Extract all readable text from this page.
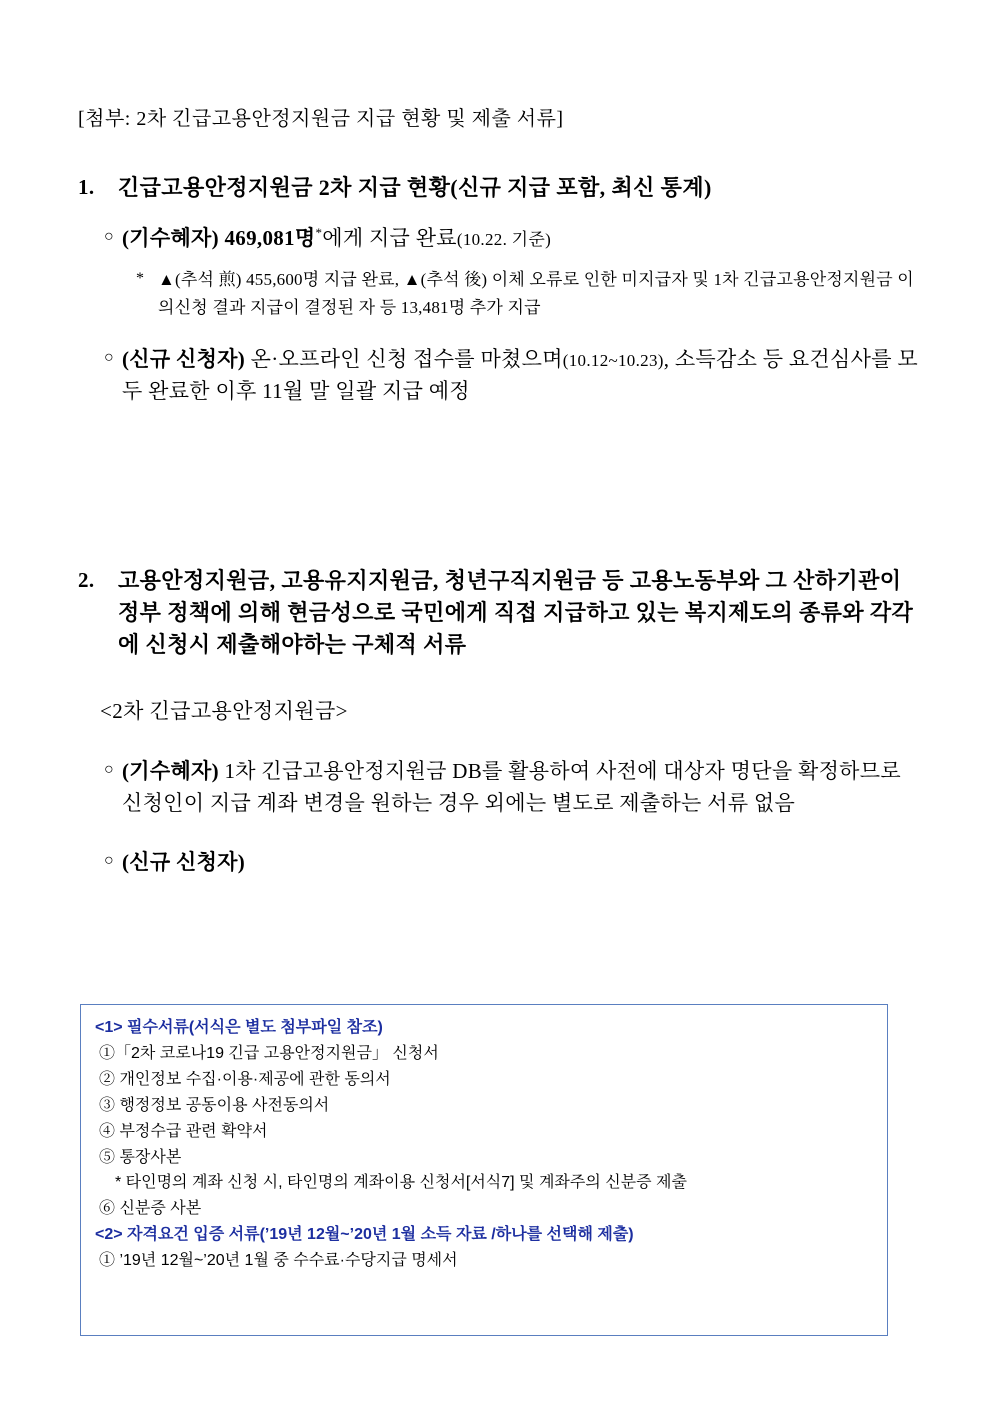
[첨부: 2차 긴급고용안정지원금 지급 현황 및 제출 서류]
1.	긴급고용안정지원금 2차 지급 현황(신규 지급 포함, 최신 통계)
○ (기수혜자) 469,081명*에게 지급 완료(10.22. 기준)
* ▲(추석 煎) 455,600명 지급 완료, ▲(추석 後) 이체 오류로 인한 미지급자 및 1차 긴급고용안정지원금 이의신청 결과 지급이 결정된 자 등 13,481명 추가 지급
○ (신규 신청자) 온·오프라인 신청 접수를 마쳤으며(10.12~10.23), 소득감소 등 요건심사를 모두 완료한 이후 11월 말 일괄 지급 예정
2.	고용안정지원금, 고용유지지원금, 청년구직지원금 등 고용노동부와 그 산하기관이 정부 정책에 의해 현금성으로 국민에게 직접 지급하고 있는 복지제도의 종류와 각각에 신청시 제출해야하는 구체적 서류
<2차 긴급고용안정지원금>
○ (기수혜자) 1차 긴급고용안정지원금 DB를 활용하여 사전에 대상자 명단을 확정하므로 신청인이 지급 계좌 변경을 원하는 경우 외에는 별도로 제출하는 서류 없음
○ (신규 신청자)
<1> 필수서류(서식은 별도 첨부파일 참조)
①「2차 코로나19 긴급 고용안정지원금」 신청서
② 개인정보 수집·이용·제공에 관한 동의서
③ 행정정보 공동이용 사전동의서
④ 부정수급 관련 확약서
⑤ 통장사본
* 타인명의 계좌 신청 시, 타인명의 계좌이용 신청서[서식7] 및 계좌주의 신분증 제출
⑥ 신분증 사본
<2> 자격요건 입증 서류(’19년 12월~’20년 1월 소득 자료 /하나를 선택해 제출)
① ’19년 12월~’20년 1월 중 수수료·수당지급 명세서
